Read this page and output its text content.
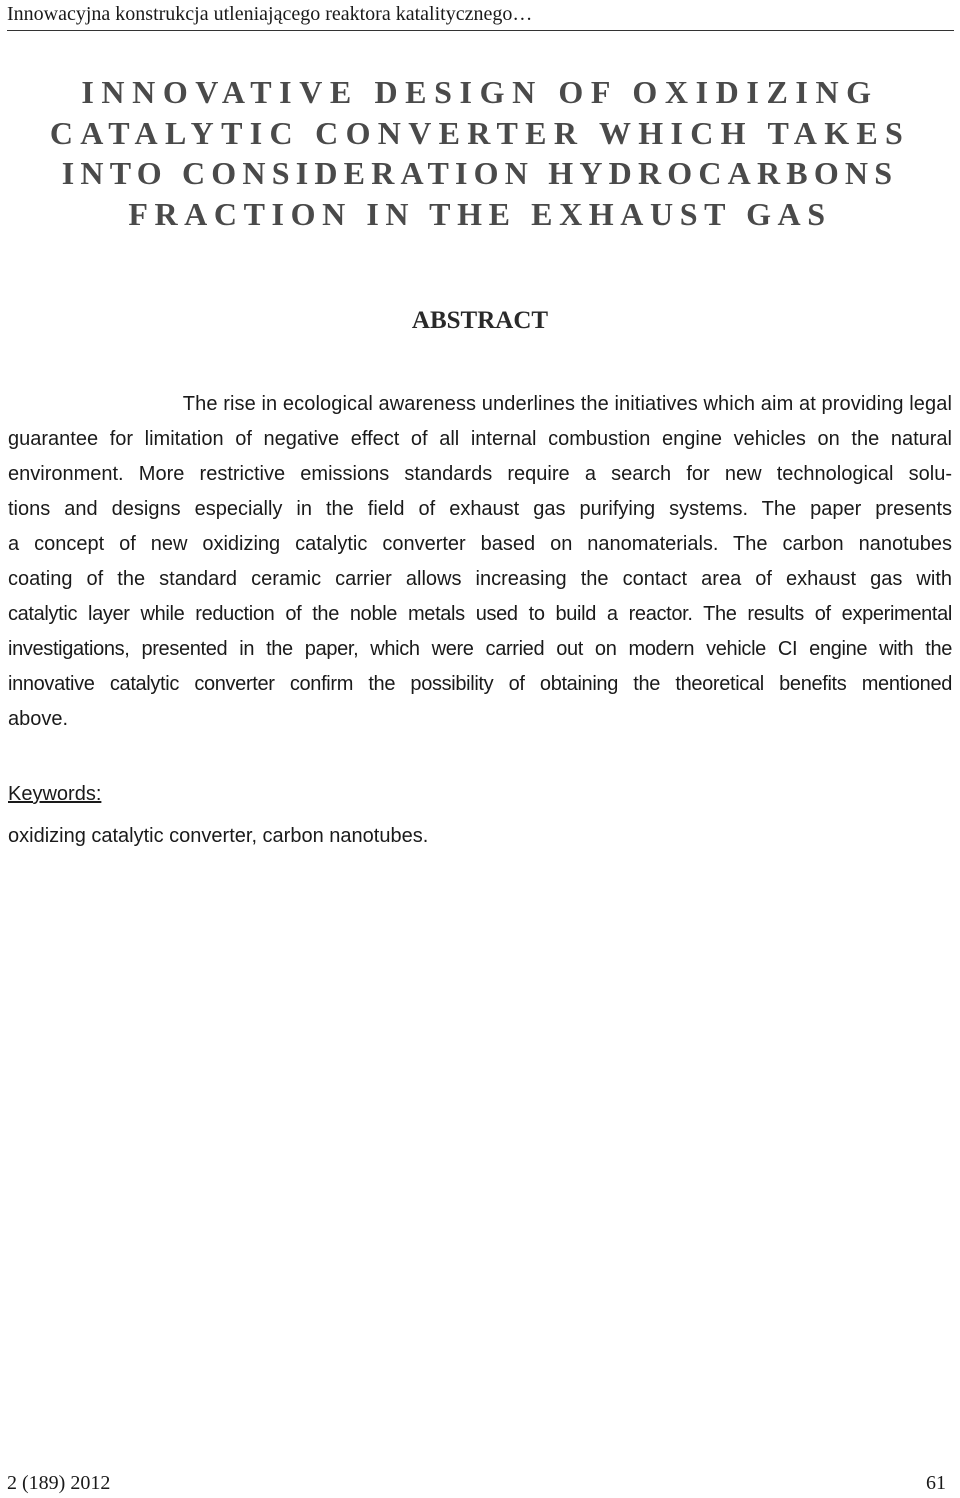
Innowacyjna konstrukcja utleniającego reaktora katalitycznego…
INNOVATIVE DESIGN OF OXIDIZING
CATALYTIC CONVERTER WHICH TAKES
INTO CONSIDERATION HYDROCARBONS
FRACTION IN THE EXHAUST GAS
ABSTRACT
The rise in ecological awareness underlines the initiatives which aim at providing legal
guarantee for limitation of negative effect of all internal combustion engine vehicles on the natural
environment. More restrictive emissions standards require a search for new technological solu-
tions and designs especially in the field of exhaust gas purifying systems. The paper presents
a concept of new oxidizing catalytic converter based on nanomaterials. The carbon nanotubes
coating of the standard ceramic carrier allows increasing the contact area of exhaust gas with
catalytic layer while reduction of the noble metals used to build a reactor. The results of experimental
investigations, presented in the paper, which were carried out on modern vehicle CI engine with the
innovative catalytic converter confirm the possibility of obtaining the theoretical benefits mentioned
above.
Keywords:
oxidizing catalytic converter, carbon nanotubes.
2 (189) 2012	61
